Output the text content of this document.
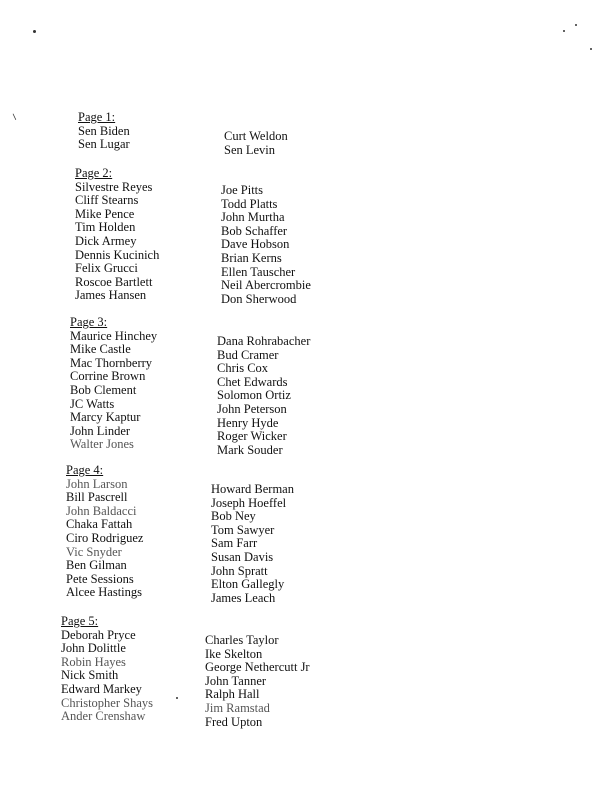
⸌	Page 1:
Sen Biden
Sen Lugar
Curt Weldon
Sen Levin
Page 2:
Silvestre Reyes
Cliff Stearns
Mike Pence
Tim Holden
Dick Armey
Dennis Kucinich
Felix Grucci
Roscoe Bartlett
James Hansen
Joe Pitts
Todd Platts
John Murtha
Bob Schaffer
Dave Hobson
Brian Kerns
Ellen Tauscher
Neil Abercrombie
Don Sherwood
Page 3:
Maurice Hinchey
Mike Castle
Mac Thornberry
Corrine Brown
Bob Clement
JC Watts
Marcy Kaptur
John Linder
Walter Jones
Dana Rohrabacher
Bud Cramer
Chris Cox
Chet Edwards
Solomon Ortiz
John Peterson
Henry Hyde
Roger Wicker
Mark Souder
Page 4:
John Larson
Bill Pascrell
John Baldacci
Chaka Fattah
Ciro Rodriguez
Vic Snyder
Ben Gilman
Pete Sessions
Alcee Hastings
Howard Berman
Joseph Hoeffel
Bob Ney
Tom Sawyer
Sam Farr
Susan Davis
John Spratt
Elton Gallegly
James Leach
Page 5:
Deborah Pryce
John Dolittle
Robin Hayes
Nick Smith
Edward Markey
Christopher Shays
Ander Crenshaw
Charles Taylor
Ike Skelton
George Nethercutt Jr
John Tanner
Ralph Hall
Jim Ramstad
Fred Upton
